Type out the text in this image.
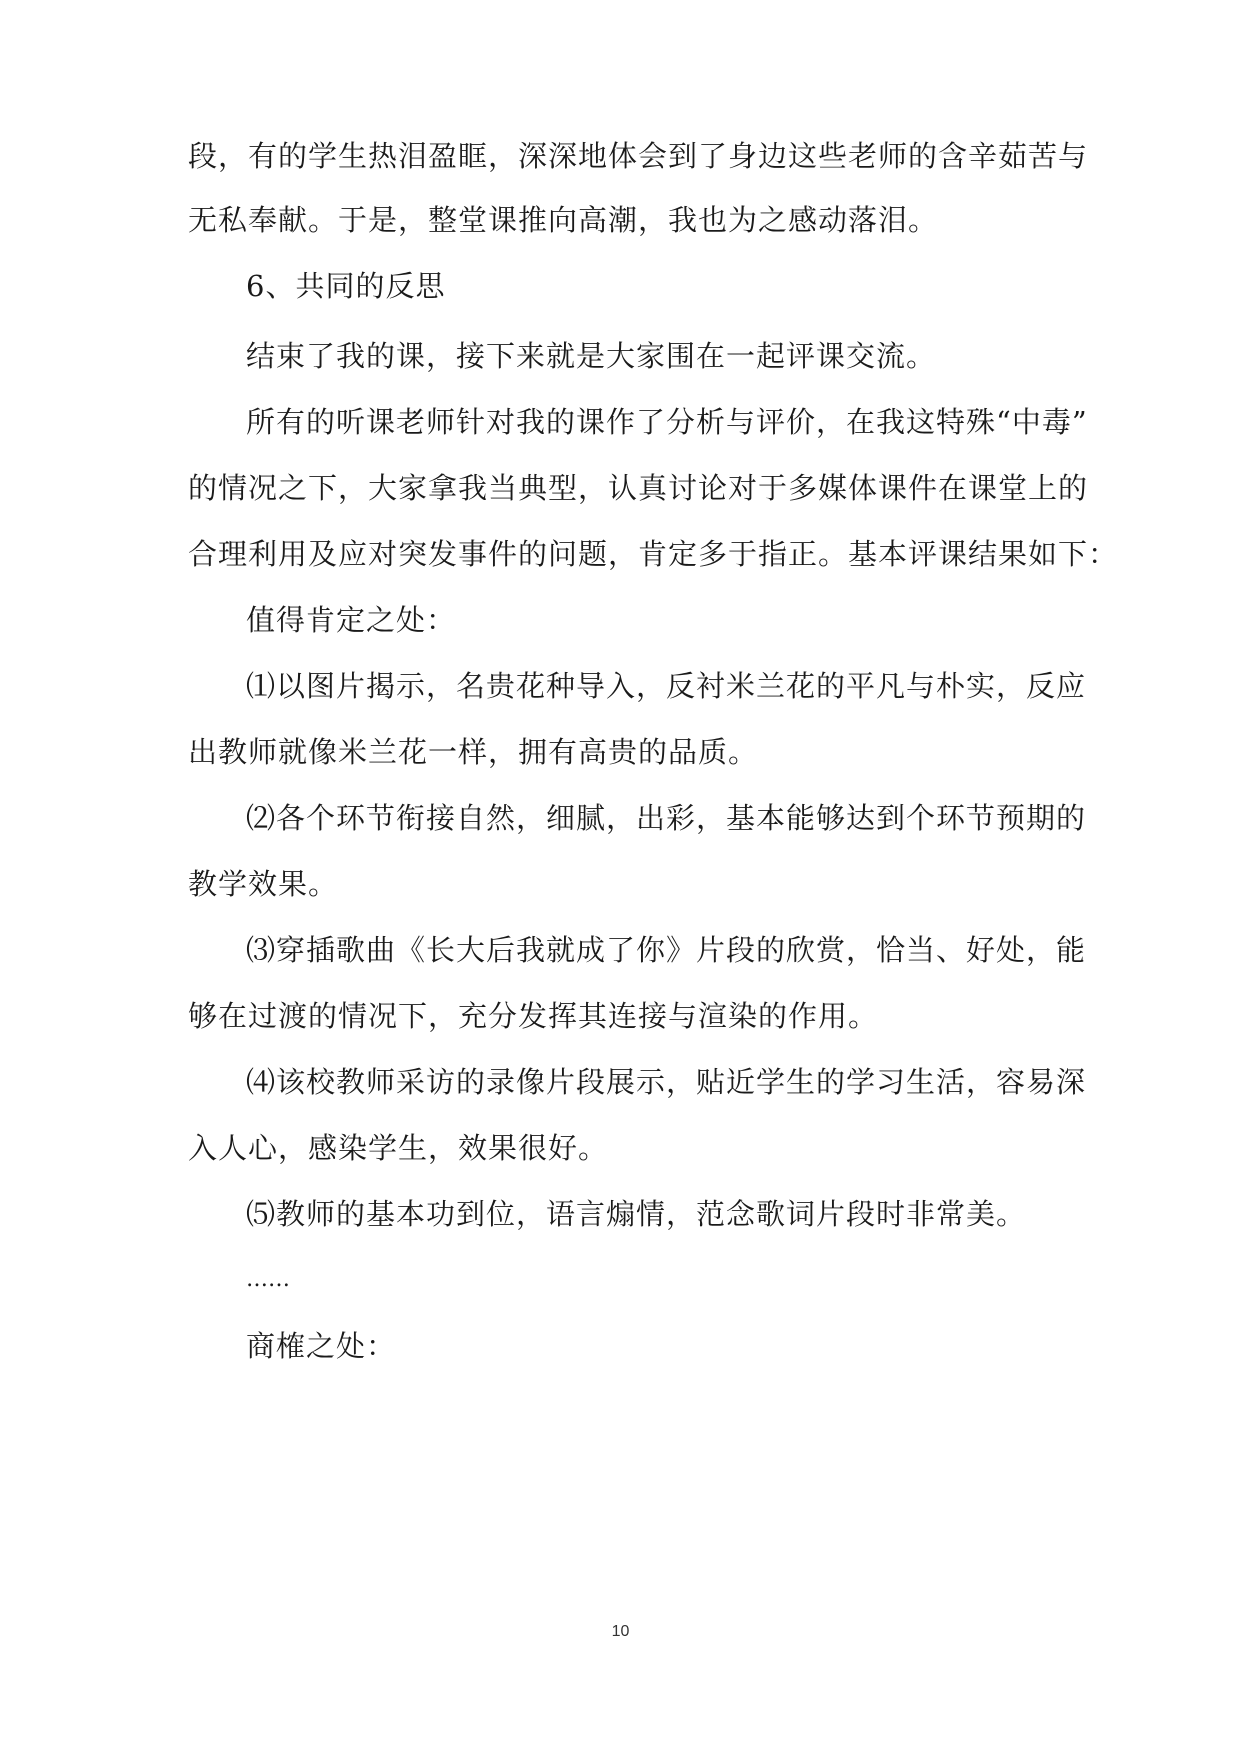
段，有的学生热泪盈眶，深深地体会到了身边这些老师的含辛茹苦与
无私奉献。于是，整堂课推向高潮，我也为之感动落泪。
6、共同的反思
结束了我的课，接下来就是大家围在一起评课交流。
所有的听课老师针对我的课作了分析与评价，在我这特殊“中毒”
的情况之下，大家拿我当典型，认真讨论对于多媒体课件在课堂上的
合理利用及应对突发事件的问题，肯定多于指正。基本评课结果如下：
值得肯定之处：
⑴以图片揭示，名贵花种导入，反衬米兰花的平凡与朴实，反应
出教师就像米兰花一样，拥有高贵的品质。
⑵各个环节衔接自然，细腻，出彩，基本能够达到个环节预期的
教学效果。
⑶穿插歌曲《长大后我就成了你》片段的欣赏，恰当、好处，能
够在过渡的情况下，充分发挥其连接与渲染的作用。
⑷该校教师采访的录像片段展示，贴近学生的学习生活，容易深
入人心，感染学生，效果很好。
⑸教师的基本功到位，语言煽情，范念歌词片段时非常美。
……
商榷之处：
10
